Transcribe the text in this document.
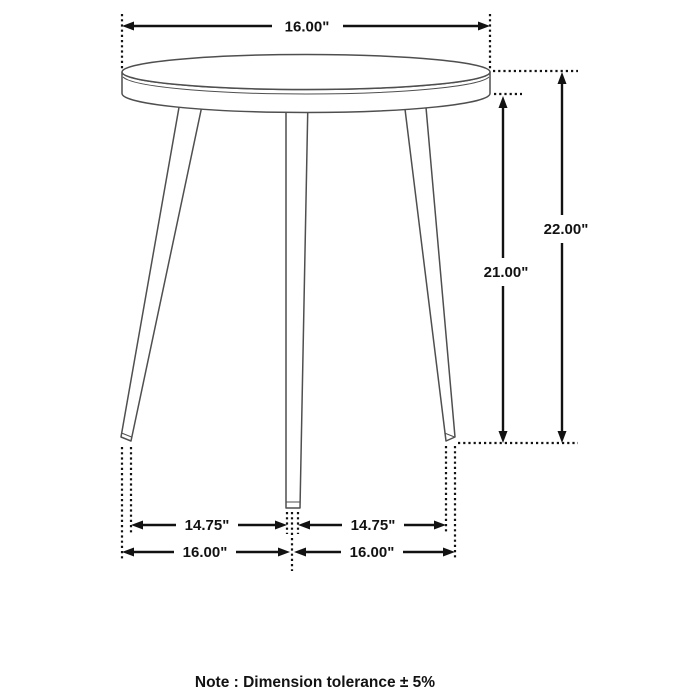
16.00"
22.00"
21.00"
14.75"	14.75"
16.00"	16.00"
Note : Dimension tolerance ± 5%
